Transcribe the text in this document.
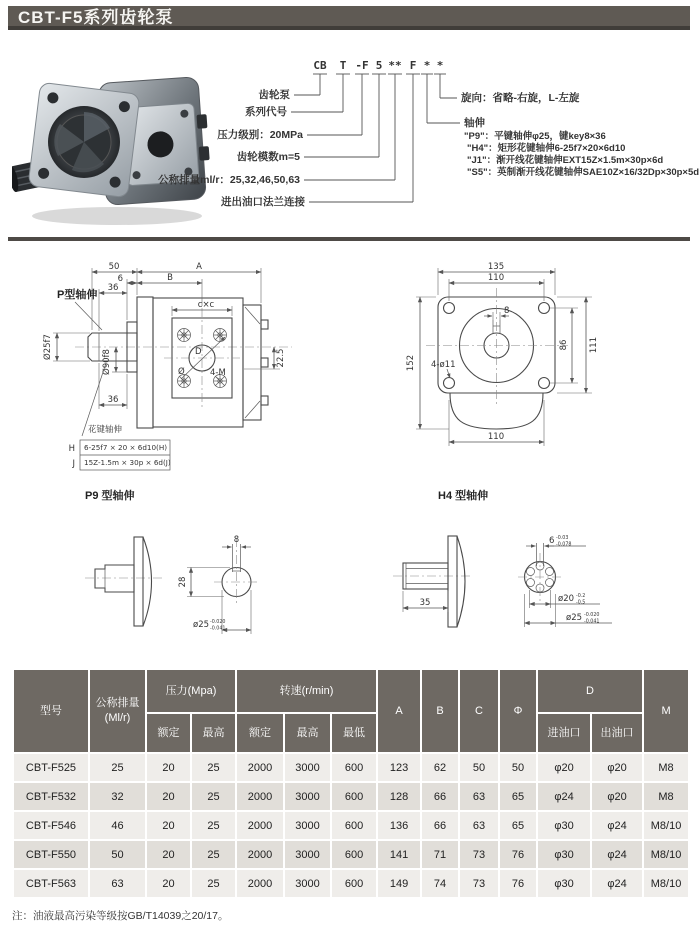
CBT-F5系列齿轮泵
CB T -F 5 ** F * *
齿轮泵
系列代号
压力级别：20MPa
齿轮模数m=5
公称排量ml/r：25,32,46,50,63
进出油口法兰连接
旋向：省略-右旋，L-左旋
轴伸
"P9"：平键轴伸φ25，键key8×36
"H4"：矩形花键轴伸6-25f7×20×6d10
"J1"：渐开线花键轴伸EXT15Z×1.5m×30p×6d
"S5"：英制渐开线花键轴伸SAE10Z×16/32Dp×30p×5d
Ø
D
4-M
50	A
6	B
36
c×c
Ø25f7
Ø90f8	22.5
36
P型轴伸
花键轴伸
H
J
6-25f7 × 20 × 6d10(H)
15Z-1.5m × 30p × 6d(J)
135
110
8
152
86 111
110
4-ø11
P9 型轴伸
8
28
ø25 -0.020
-0.041
H4 型轴伸
35
6 -0.03
-0.078
ø20 -0.2
-0.5
ø25 -0.020
-0.041
型号	公称排量
(Ml/r)	压力(Mpa)		转速(r/min)			A	B	C	Φ	D		M
		额定	最高	额定	最高	最低					进油口	出油口	
CBT-F525	25	20	25	2000	3000	600	123	62	50	50	φ20	φ20	M8
CBT-F532	32	20	25	2000	3000	600	128	66	63	65	φ24	φ20	M8
CBT-F546	46	20	25	2000	3000	600	136	66	63	65	φ30	φ24	M8/10
CBT-F550	50	20	25	2000	3000	600	141	71	73	76	φ30	φ24	M8/10
CBT-F563	63	20	25	2000	3000	600	149	74	73	76	φ30	φ24	M8/10
注：油液最高污染等级按GB/T14039之20/17。
